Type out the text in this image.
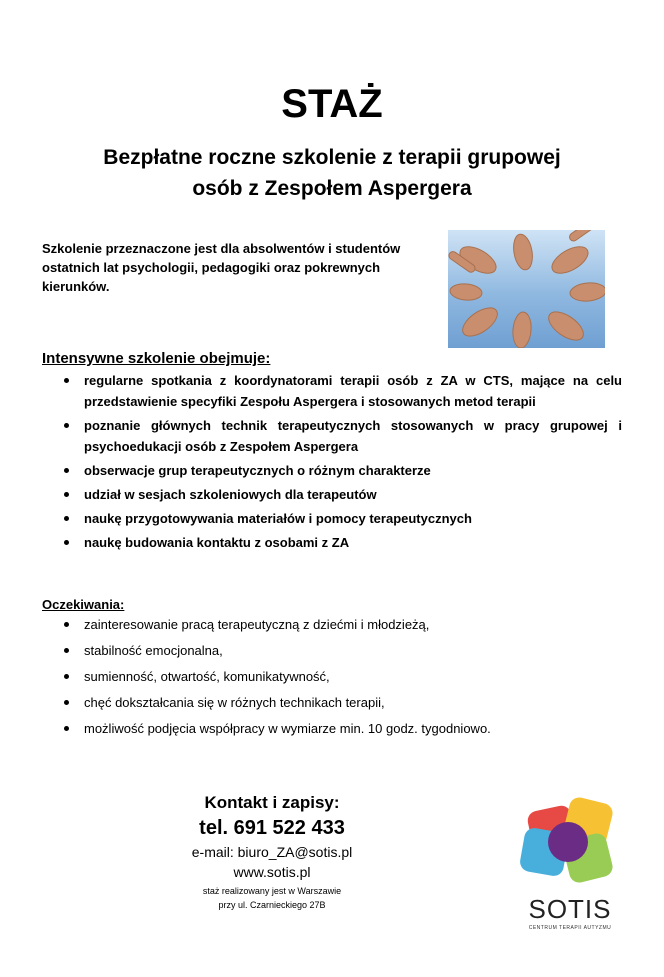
STAŻ
Bezpłatne roczne szkolenie z terapii grupowej
osób z Zespołem Aspergera
Szkolenie przeznaczone jest dla absolwentów i studentów ostatnich lat psychologii, pedagogiki oraz pokrewnych kierunków.
Intensywne szkolenie obejmuje:
regularne spotkania z koordynatorami terapii osób z ZA w CTS, mające na celu przedstawienie specyfiki Zespołu Aspergera i stosowanych metod terapii
poznanie głównych technik terapeutycznych stosowanych w pracy grupowej i psychoedukacji osób z Zespołem Aspergera
obserwacje grup terapeutycznych o różnym charakterze
udział w sesjach szkoleniowych dla terapeutów
naukę przygotowywania materiałów i pomocy terapeutycznych
naukę budowania kontaktu z osobami z ZA
Oczekiwania:
zainteresowanie pracą terapeutyczną z dziećmi i młodzieżą,
stabilność emocjonalna,
sumienność, otwartość, komunikatywność,
chęć dokształcania się w różnych technikach terapii,
możliwość podjęcia współpracy w wymiarze min. 10 godz. tygodniowo.
Kontakt i zapisy:
tel. 691 522 433
e-mail: biuro_ZA@sotis.pl
www.sotis.pl
staż realizowany jest w Warszawie
przy ul. Czarnieckiego 27B	SOTIS
CENTRUM TERAPII AUTYZMU
